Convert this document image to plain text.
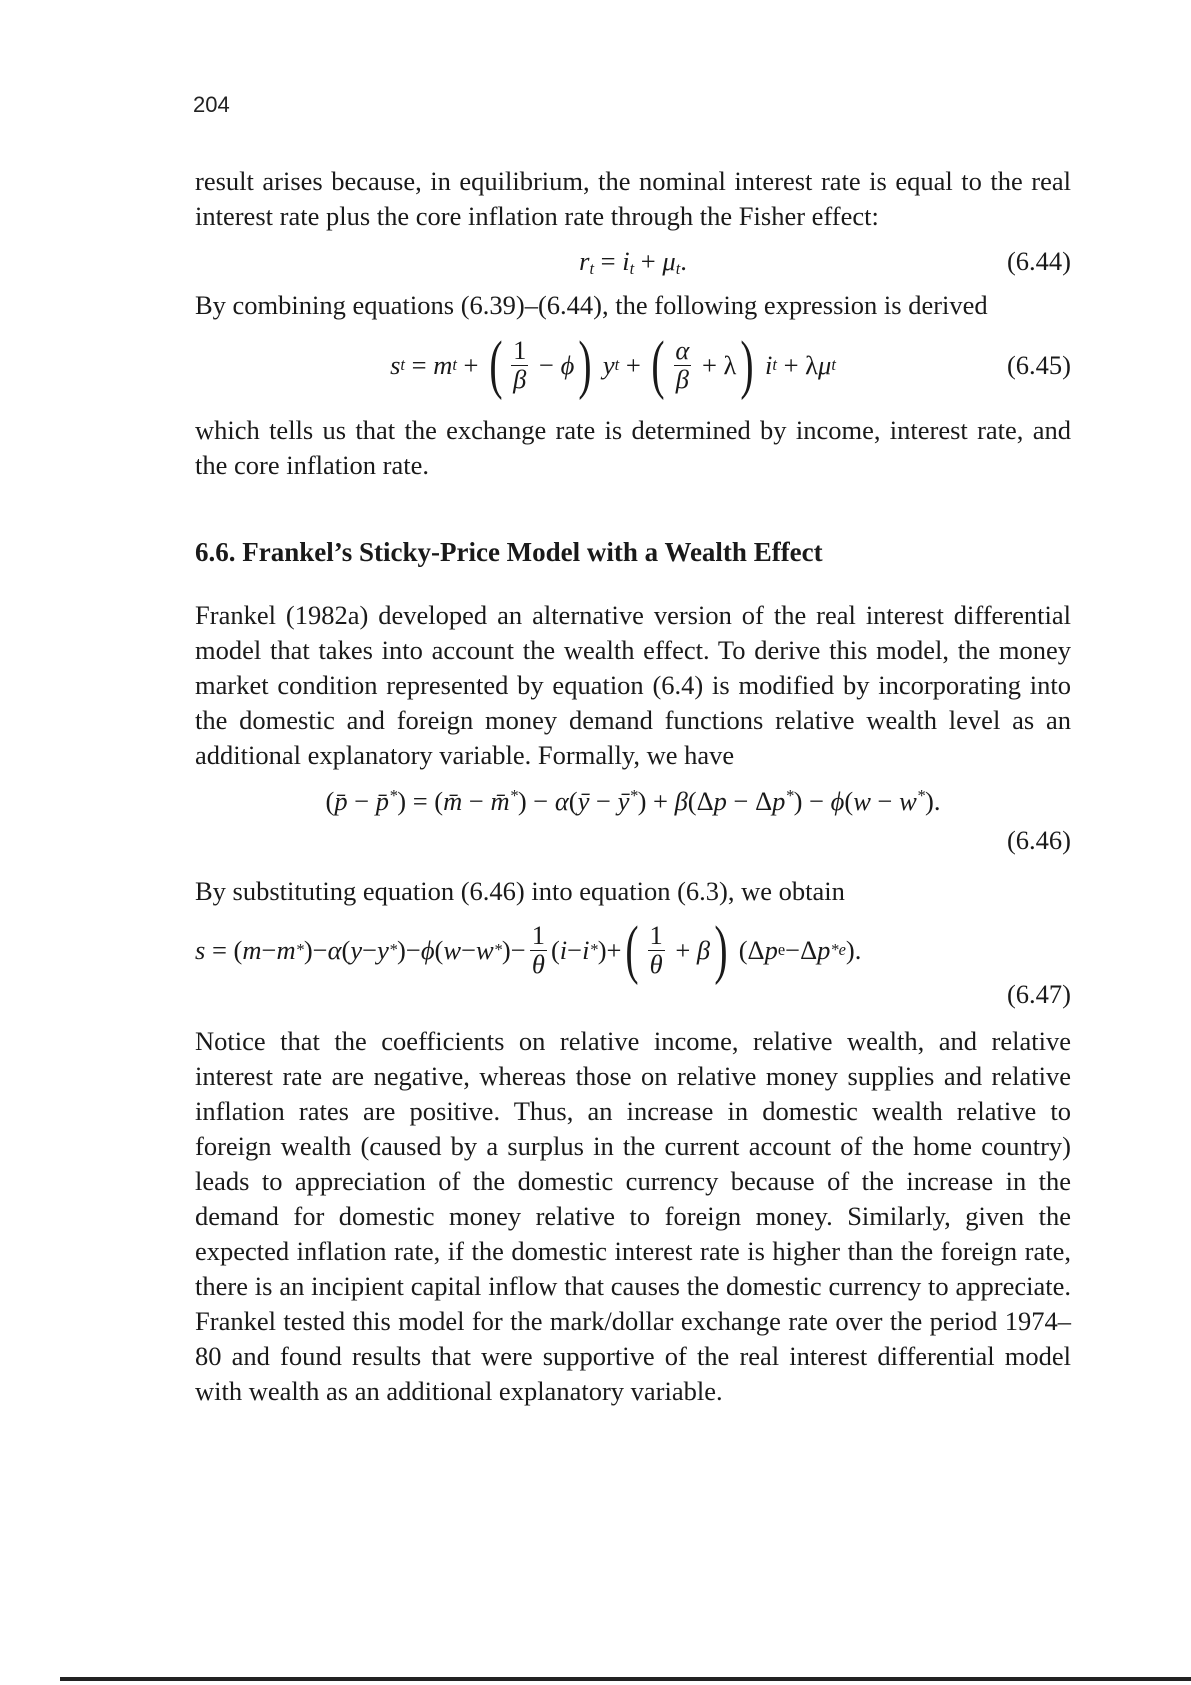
204

result arises because, in equilibrium, the nominal interest rate is equal to the real interest rate plus the core inflation rate through the Fisher effect:

$r_t = i_t + \mu_t$.	(6.44)

By combining equations (6.39)–(6.44), the following expression is derived

s t
= m t
+
( $\frac{1}{\beta} - \phi$ ) y t
+
( $\frac{\alpha}{\beta} + \lambda$ ) i t
+
λ μ t	(6.45)

which tells us that the exchange rate is determined by income, interest rate, and the core inflation rate.

6.6. Frankel’s Sticky-Price Model with a Wealth Effect

Frankel (1982a) developed an alternative version of the real interest differential model that takes into account the wealth effect. To derive this model, the money market condition represented by equation (6.4) is modified by incorporating into the domestic and foreign money demand functions relative wealth level as an additional explanatory variable. Formally, we have

(p̄ − p̄*) = (m̄ − m̄*) − α(ȳ − ȳ*) + β(Δp − Δp*) − ϕ(w − w*).
(6.46)

By substituting equation (6.46) into equation (6.3), we obtain

s =
( m − m * )− α ( y − y * )− ϕ ( w − w * )− $\frac{1}{\theta}$ ( i − i * )+ ( $\frac{1}{\theta} + \beta$ )
(Δ p e −Δ p *e ).
(6.47)

Notice that the coefficients on relative income, relative wealth, and relative interest rate are negative, whereas those on relative money supplies and relative inflation rates are positive. Thus, an increase in domestic wealth relative to foreign wealth (caused by a surplus in the current account of the home country) leads to appreciation of the domestic currency because of the increase in the demand for domestic money relative to foreign money. Similarly, given the expected inflation rate, if the domestic interest rate is higher than the foreign rate, there is an incipient capital inflow that causes the domestic currency to appreciate. Frankel tested this model for the mark/dollar exchange rate over the period 1974–80 and found results that were supportive of the real interest differential model with wealth as an additional explanatory variable.
